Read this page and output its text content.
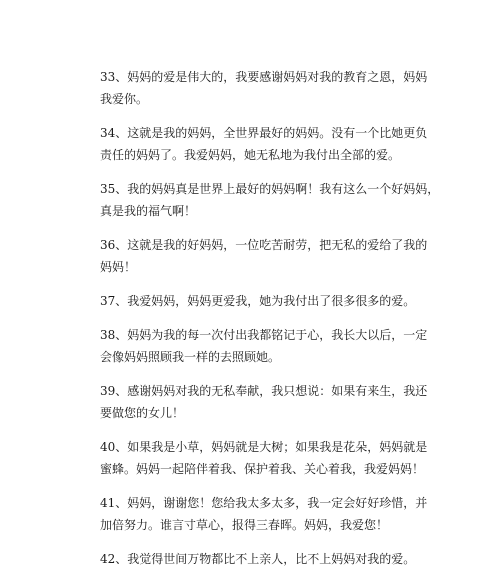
33、妈妈的爱是伟大的，我要感谢妈妈对我的教育之恩，妈妈
我爱你。
34、这就是我的妈妈，全世界最好的妈妈。没有一个比她更负
责任的妈妈了。我爱妈妈，她无私地为我付出全部的爱。
35、我的妈妈真是世界上最好的妈妈啊！我有这么一个好妈妈，
真是我的福气啊！
36、这就是我的好妈妈，一位吃苦耐劳，把无私的爱给了我的
妈妈！
37、我爱妈妈，妈妈更爱我，她为我付出了很多很多的爱。
38、妈妈为我的每一次付出我都铭记于心，我长大以后，一定
会像妈妈照顾我一样的去照顾她。
39、感谢妈妈对我的无私奉献，我只想说：如果有来生，我还
要做您的女儿！
40、如果我是小草，妈妈就是大树；如果我是花朵，妈妈就是
蜜蜂。妈妈一起陪伴着我、保护着我、关心着我，我爱妈妈！
41、妈妈，谢谢您！您给我太多太多，我一定会好好珍惜，并
加倍努力。谁言寸草心，报得三春晖。妈妈，我爱您！
42、我觉得世间万物都比不上亲人，比不上妈妈对我的爱。
